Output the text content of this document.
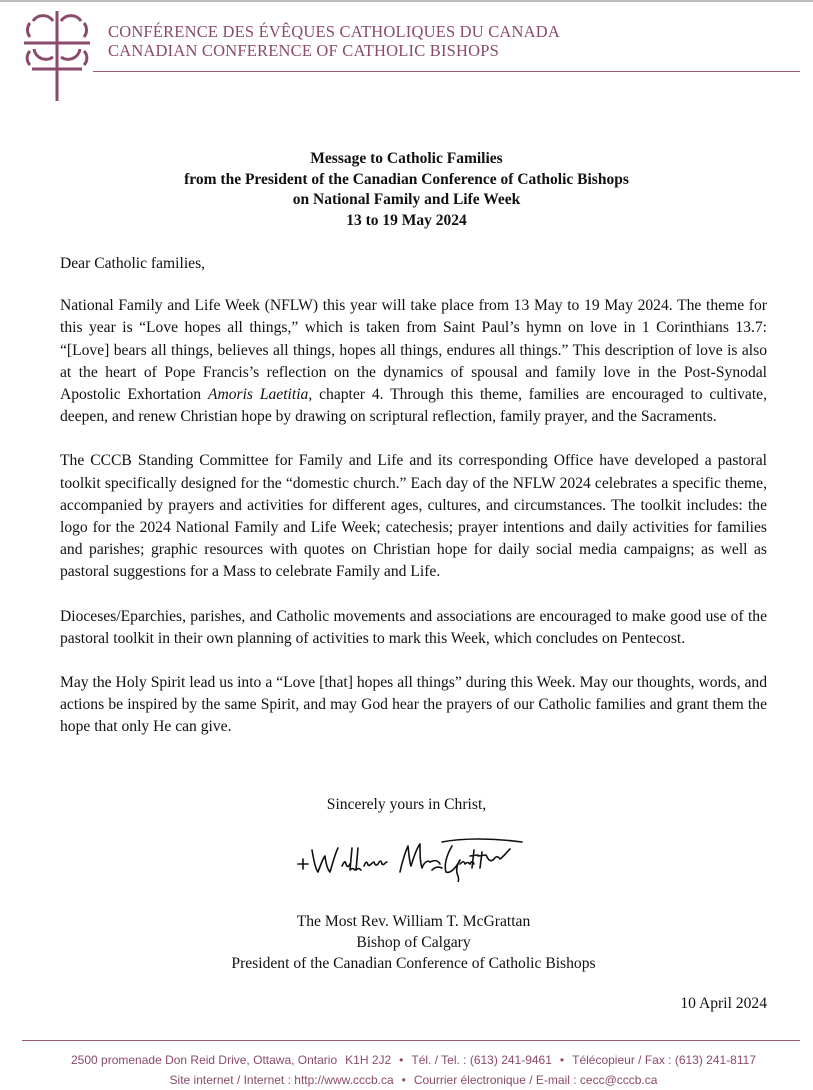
CONFÉRENCE DES ÉVÊQUES CATHOLIQUES DU CANADA
CANADIAN CONFERENCE OF CATHOLIC BISHOPS
Message to Catholic Families
from the President of the Canadian Conference of Catholic Bishops
on National Family and Life Week
13 to 19 May 2024

Dear Catholic families,

National Family and Life Week (NFLW) this year will take place from 13 May to 19 May 2024. The theme for this year is “Love hopes all things,” which is taken from Saint Paul’s hymn on love in 1 Corinthians 13.7: “[Love] bears all things, believes all things, hopes all things, endures all things.” This description of love is also at the heart of Pope Francis’s reflection on the dynamics of spousal and family love in the Post-Synodal Apostolic Exhortation Amoris Laetitia, chapter 4. Through this theme, families are encouraged to cultivate, deepen, and renew Christian hope by drawing on scriptural reflection, family prayer, and the Sacraments.

The CCCB Standing Committee for Family and Life and its corresponding Office have developed a pastoral toolkit specifically designed for the “domestic church.” Each day of the NFLW 2024 celebrates a specific theme, accompanied by prayers and activities for different ages, cultures, and circumstances. The toolkit includes: the logo for the 2024 National Family and Life Week; catechesis; prayer intentions and daily activities for families and parishes; graphic resources with quotes on Christian hope for daily social media campaigns; as well as pastoral suggestions for a Mass to celebrate Family and Life.

Dioceses/Eparchies, parishes, and Catholic movements and associations are encouraged to make good use of the pastoral toolkit in their own planning of activities to mark this Week, which concludes on Pentecost.

May the Holy Spirit lead us into a “Love [that] hopes all things” during this Week. May our thoughts, words, and actions be inspired by the same Spirit, and may God hear the prayers of our Catholic families and grant them the hope that only He can give.

Sincerely yours in Christ,
The Most Rev. William T. McGrattan
Bishop of Calgary
President of the Canadian Conference of Catholic Bishops
10 April 2024
2500 promenade Don Reid Drive, Ottawa, Ontario K1H 2J2 • Tél. / Tel. : (613) 241-9461 • Télécopieur / Fax : (613) 241-8117
Site internet / Internet : http://www.cccb.ca • Courrier électronique / E-mail : cecc@cccb.ca
